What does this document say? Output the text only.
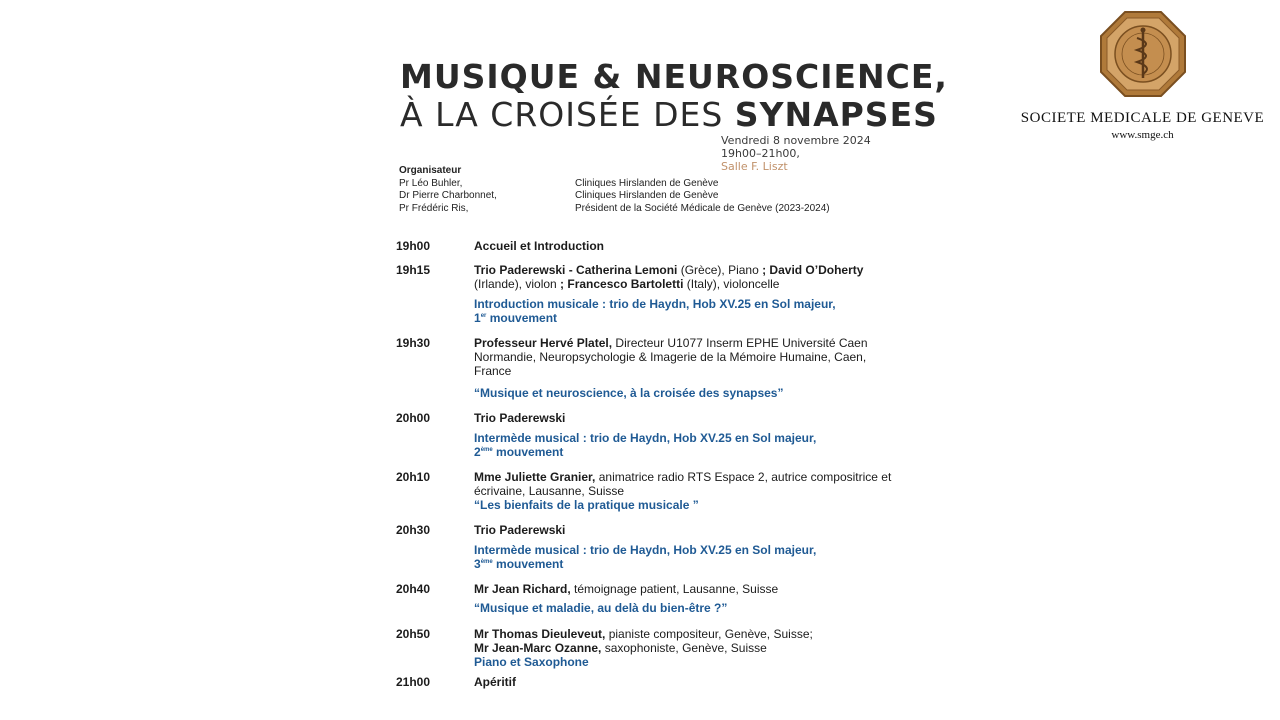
MUSIQUE & NEUROSCIENCE,
À LA CROISÉE DES SYNAPSES
Vendredi 8 novembre 2024
19h00–21h00,
Salle F. Liszt
SOCIETE MEDICALE DE GENEVE
www.smge.ch
Organisateur
Pr Léo Buhler,	Cliniques Hirslanden de Genève
Dr Pierre Charbonnet,	Cliniques Hirslanden de Genève
Pr Frédéric Ris,	Président de la Société Médicale de Genève (2023-2024)
19h00	Accueil et Introduction
19h15	Trio Paderewski - Catherina Lemoni (Grèce), Piano ; David O’Doherty (Irlande), violon ; Francesco Bartoletti (Italy), violoncelle
Introduction musicale : trio de Haydn, Hob XV.25 en Sol majeur,
1er mouvement
19h30	Professeur Hervé Platel, Directeur U1077 Inserm EPHE Université Caen Normandie, Neuropsychologie & Imagerie de la Mémoire Humaine, Caen, France
“Musique et neuroscience, à la croisée des synapses”
20h00	Trio Paderewski
Intermède musical : trio de Haydn, Hob XV.25 en Sol majeur,
2ème mouvement
20h10	Mme Juliette Granier, animatrice radio RTS Espace 2, autrice compositrice et écrivaine, Lausanne, Suisse
“Les bienfaits de la pratique musicale ”
20h30	Trio Paderewski
Intermède musical : trio de Haydn, Hob XV.25 en Sol majeur,
3ème mouvement
20h40	Mr Jean Richard, témoignage patient, Lausanne, Suisse
“Musique et maladie, au delà du bien-être ?”
20h50	Mr Thomas Dieuleveut, pianiste compositeur, Genève, Suisse;
Mr Jean-Marc Ozanne, saxophoniste, Genève, Suisse
Piano et Saxophone
21h00	Apéritif
